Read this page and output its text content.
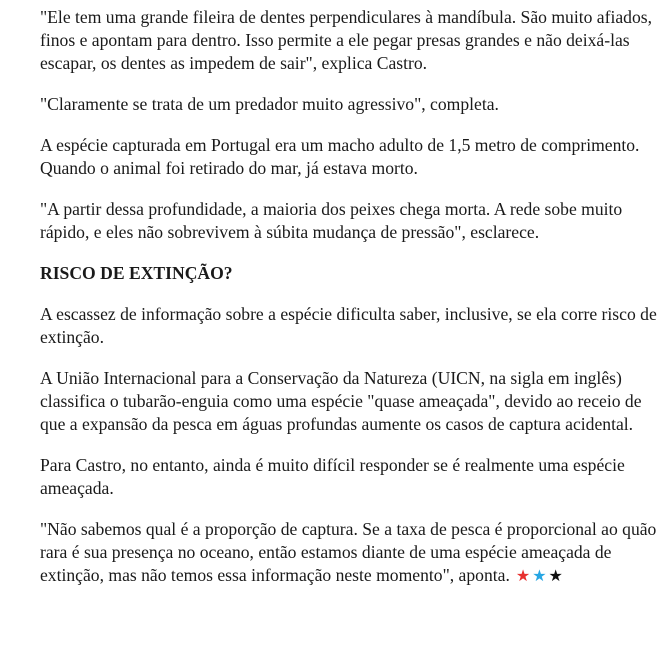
"Ele tem uma grande fileira de dentes perpendiculares à mandíbula. São muito afiados, finos e apontam para dentro. Isso permite a ele pegar presas grandes e não deixá-las escapar, os dentes as impedem de sair", explica Castro.

"Claramente se trata de um predador muito agressivo", completa.

A espécie capturada em Portugal era um macho adulto de 1,5 metro de comprimento. Quando o animal foi retirado do mar, já estava morto.

"A partir dessa profundidade, a maioria dos peixes chega morta. A rede sobe muito rápido, e eles não sobrevivem à súbita mudança de pressão", esclarece.

RISCO DE EXTINÇÃO?

A escassez de informação sobre a espécie dificulta saber, inclusive, se ela corre risco de extinção.

A União Internacional para a Conservação da Natureza (UICN, na sigla em inglês) classifica o tubarão-enguia como uma espécie "quase ameaçada", devido ao receio de que a expansão da pesca em águas profundas aumente os casos de captura acidental.

Para Castro, no entanto, ainda é muito difícil responder se é realmente uma espécie ameaçada.

"Não sabemos qual é a proporção de captura. Se a taxa de pesca é proporcional ao quão rara é sua presença no oceano, então estamos diante de uma espécie ameaçada de extinção, mas não temos essa informação neste momento", aponta. ★★★
